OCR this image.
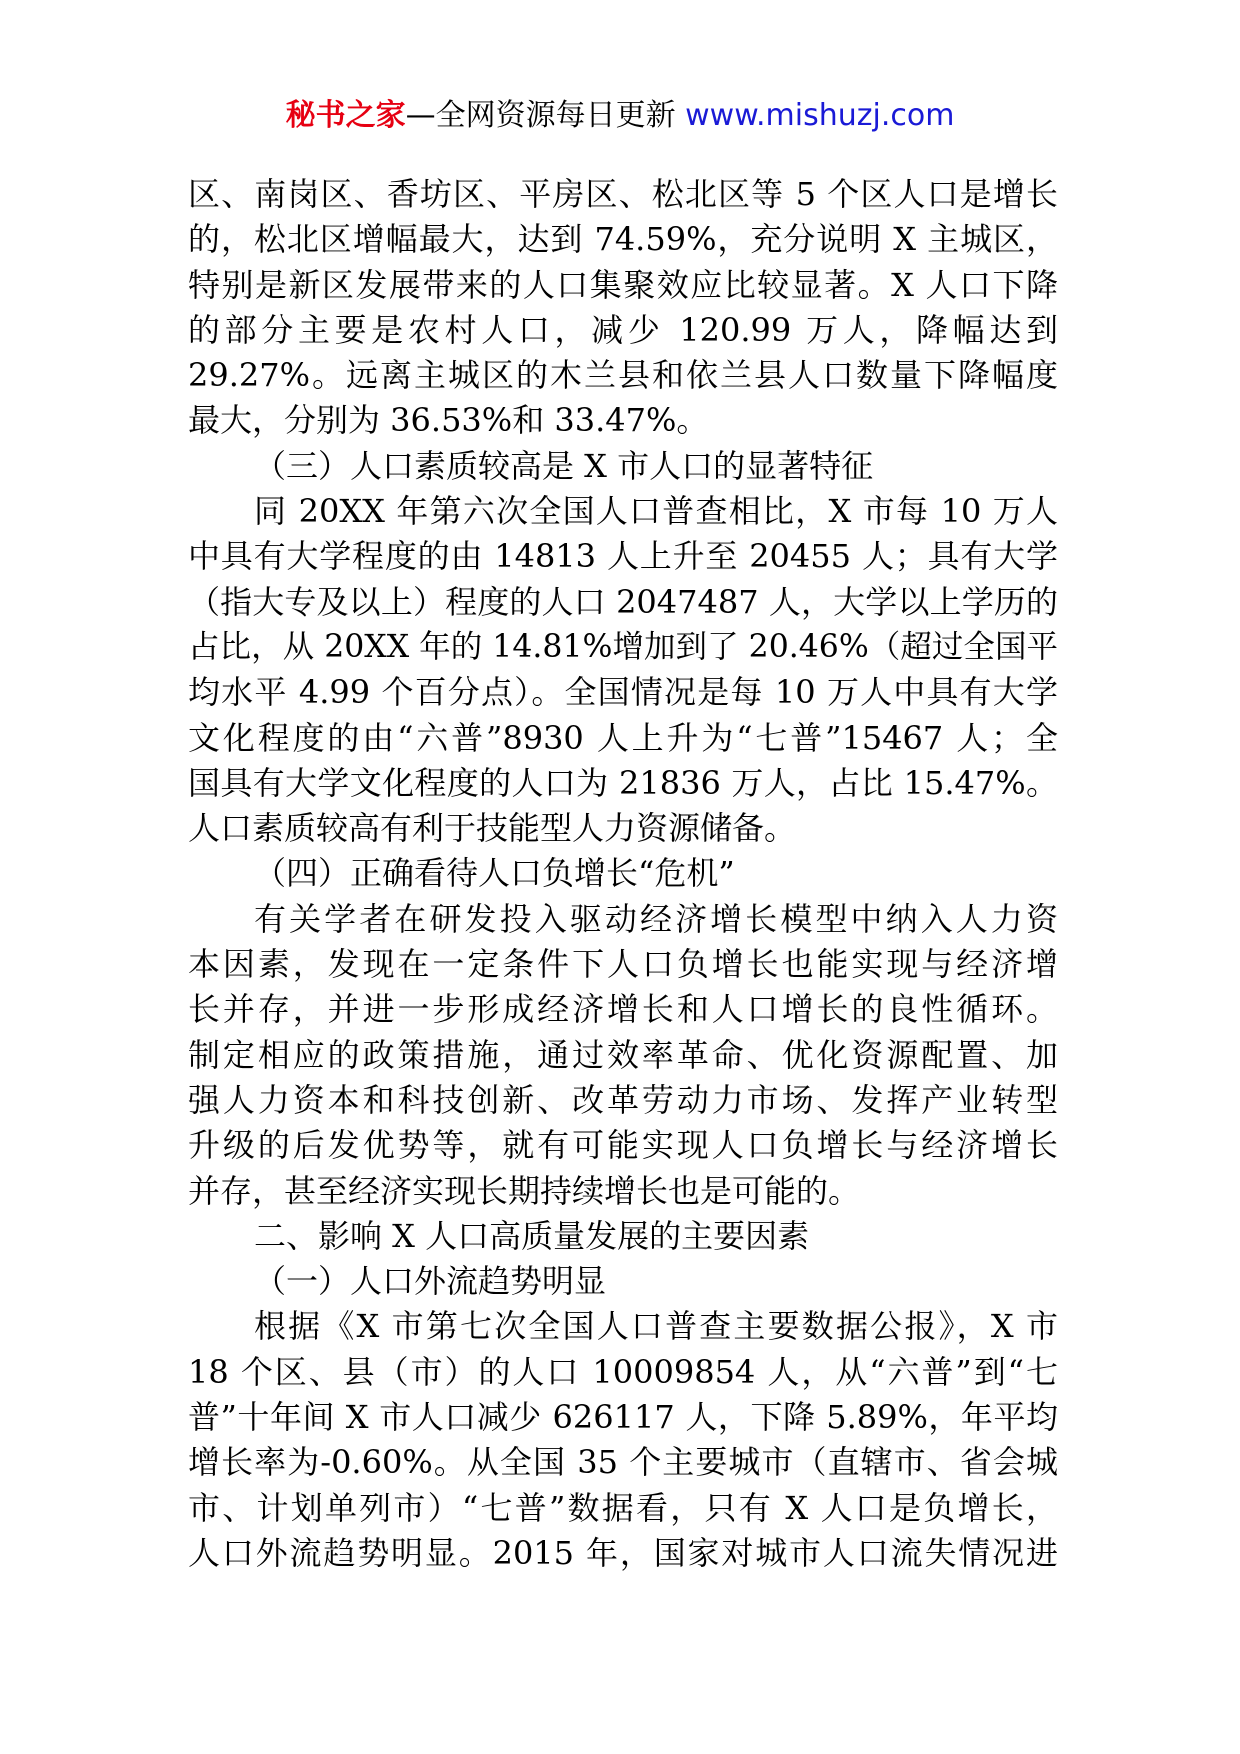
秘书之家—全网资源每日更新 www.mishuzj.com
区、南岗区、香坊区、平房区、松北区等 5 个区人口是增长
的，松北区增幅最大，达到 74.59%，充分说明 X 主城区，
特别是新区发展带来的人口集聚效应比较显著。X 人口下降
的部分主要是农村人口，减少 120.99 万人，降幅达到
29.27%。远离主城区的木兰县和依兰县人口数量下降幅度
最大，分别为 36.53%和 33.47%。
（三）人口素质较高是 X 市人口的显著特征
同 20XX 年第六次全国人口普查相比，X 市每 10 万人
中具有大学程度的由 14813 人上升至 20455 人；具有大学
（指大专及以上）程度的人口 2047487 人，大学以上学历的
占比，从 20XX 年的 14.81%增加到了 20.46%（超过全国平
均水平 4.99 个百分点）。全国情况是每 10 万人中具有大学
文化程度的由“六普”8930 人上升为“七普”15467 人；全
国具有大学文化程度的人口为 21836 万人，占比 15.47%。
人口素质较高有利于技能型人力资源储备。
（四）正确看待人口负增长“危机”
有关学者在研发投入驱动经济增长模型中纳入人力资
本因素，发现在一定条件下人口负增长也能实现与经济增
长并存，并进一步形成经济增长和人口增长的良性循环。
制定相应的政策措施，通过效率革命、优化资源配置、加
强人力资本和科技创新、改革劳动力市场、发挥产业转型
升级的后发优势等，就有可能实现人口负增长与经济增长
并存，甚至经济实现长期持续增长也是可能的。
二、影响 X 人口高质量发展的主要因素
（一）人口外流趋势明显
根据《X 市第七次全国人口普查主要数据公报》，X 市
18 个区、县（市）的人口 10009854 人，从“六普”到“七
普”十年间 X 市人口减少 626117 人，下降 5.89%，年平均
增长率为-0.60%。从全国 35 个主要城市（直辖市、省会城
市、计划单列市）“七普”数据看，只有 X 人口是负增长，
人口外流趋势明显。2015 年，国家对城市人口流失情况进
